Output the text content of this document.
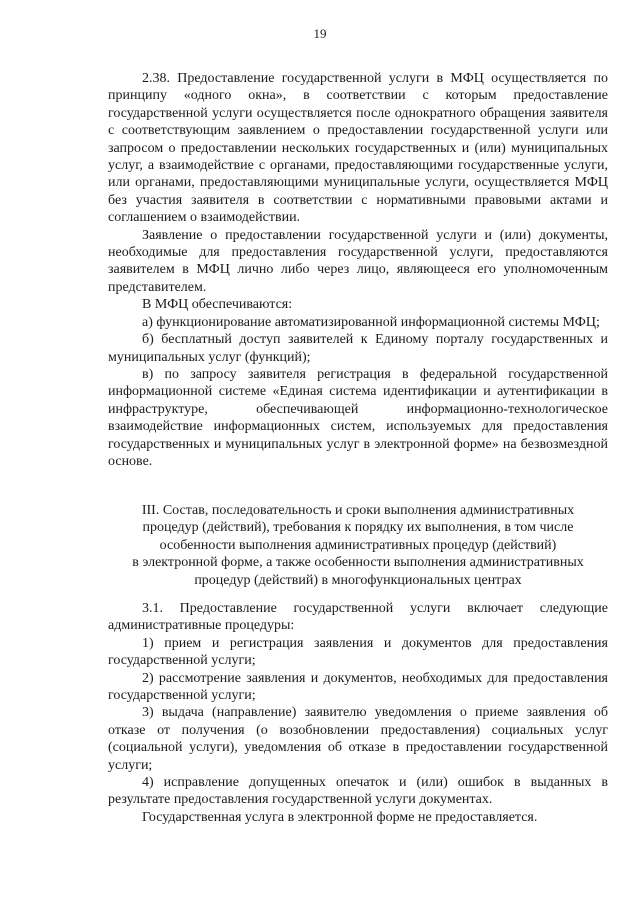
19

2.38. Предоставление государственной услуги в МФЦ осуществляется по принципу «одного окна», в соответствии с которым предоставление государственной услуги осуществляется после однократного обращения заявителя с соответствующим заявлением о предоставлении государственной услуги или запросом о предоставлении нескольких государственных и (или) муниципальных услуг, а взаимодействие с органами, предоставляющими государственные услуги, или органами, предоставляющими муниципальные услуги, осуществляется МФЦ без участия заявителя в соответствии с нормативными правовыми актами и соглашением о взаимодействии.

Заявление о предоставлении государственной услуги и (или) документы, необходимые для предоставления государственной услуги, предоставляются заявителем в МФЦ лично либо через лицо, являющееся его уполномоченным представителем.

В МФЦ обеспечиваются:

а) функционирование автоматизированной информационной системы МФЦ;

б) бесплатный доступ заявителей к Единому порталу государственных и муниципальных услуг (функций);

в) по запросу заявителя регистрация в федеральной государственной информационной системе «Единая система идентификации и аутентификации в инфраструктуре, обеспечивающей информационно-технологическое взаимодействие информационных систем, используемых для предоставления государственных и муниципальных услуг в электронной форме» на безвозмездной основе.

III. Состав, последовательность и сроки выполнения административных
процедур (действий), требования к порядку их выполнения, в том числе
особенности выполнения административных процедур (действий)
в электронной форме, а также особенности выполнения административных
процедур (действий) в многофункциональных центрах

3.1. Предоставление государственной услуги включает следующие административные процедуры:

1) прием и регистрация заявления и документов для предоставления государственной услуги;

2) рассмотрение заявления и документов, необходимых для предоставления государственной услуги;

3) выдача (направление) заявителю уведомления о приеме заявления об отказе от получения (о возобновлении предоставления) социальных услуг (социальной услуги), уведомления об отказе в предоставлении государственной услуги;

4) исправление допущенных опечаток и (или) ошибок в выданных в результате предоставления государственной услуги документах.

Государственная услуга в электронной форме не предоставляется.
